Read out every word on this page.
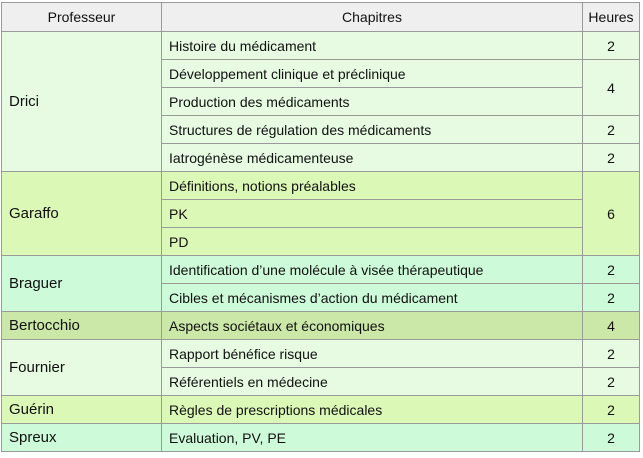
Professeur	Chapitres	Heures
Drici	Histoire du médicament	2
	Développement clinique et préclinique	4
	Production des médicaments	
	Structures de régulation des médicaments	2
	Iatrogénèse médicamenteuse	2
Garaffo	Définitions, notions préalables	6
	PK	
	PD	
Braguer	Identification d’une molécule à visée thérapeutique	2
	Cibles et mécanismes d’action du médicament	2
Bertocchio	Aspects sociétaux et économiques	4
Fournier	Rapport bénéfice risque	2
	Référentiels en médecine	2
Guérin	Règles de prescriptions médicales	2
Spreux	Evaluation, PV, PE	2
